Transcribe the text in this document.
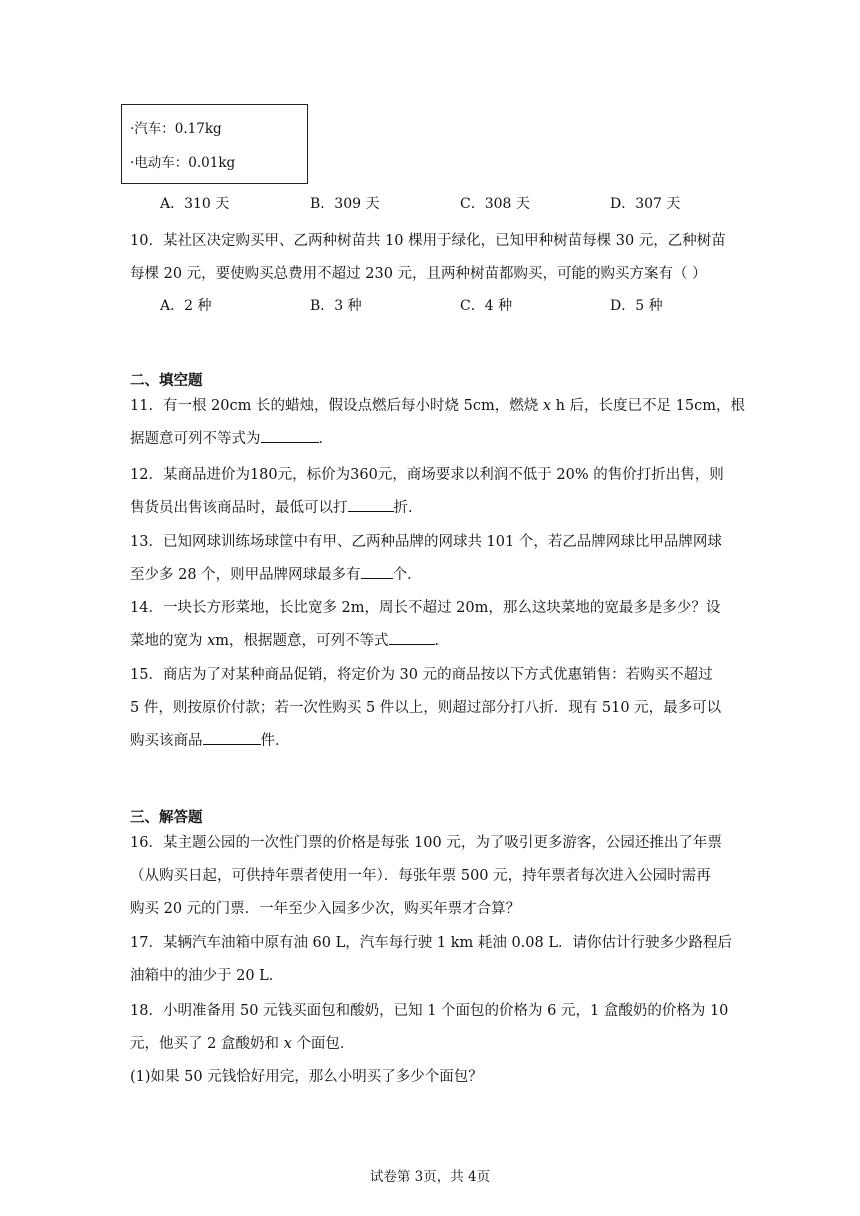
·汽车：0.17kg
·电动车：0.01kg
A．310 天	B．309 天	C．308 天	D．307 天
10．某社区决定购买甲、乙两种树苗共 10 棵用于绿化，已知甲种树苗每棵 30 元，乙种树苗
每棵 20 元，要使购买总费用不超过 230 元，且两种树苗都购买，可能的购买方案有（ ）
A．2 种	B．3 种	C．4 种	D．5 种
二、填空题
11．有一根 20cm 长的蜡烛，假设点燃后每小时烧 5cm，燃烧 x h 后，长度已不足 15cm，根
据题意可列不等式为	．
12．某商品进价为180元，标价为360元，商场要求以利润不低于 20% 的售价打折出售，则
售货员出售该商品时，最低可以打	折．
13．已知网球训练场球筐中有甲、乙两种品牌的网球共 101 个，若乙品牌网球比甲品牌网球
至少多 28 个，则甲品牌网球最多有 个．
14．一块长方形菜地，长比宽多 2m，周长不超过 20m，那么这块菜地的宽最多是多少？设
菜地的宽为 xm，根据题意，可列不等式	．
15．商店为了对某种商品促销，将定价为 30 元的商品按以下方式优惠销售：若购买不超过
5 件，则按原价付款；若一次性购买 5 件以上，则超过部分打八折．现有 510 元，最多可以
购买该商品	件．
三、解答题
16．某主题公园的一次性门票的价格是每张 100 元，为了吸引更多游客，公园还推出了年票
（从购买日起，可供持年票者使用一年）．每张年票 500 元，持年票者每次进入公园时需再
购买 20 元的门票．一年至少入园多少次，购买年票才合算？
17．某辆汽车油箱中原有油 60 L，汽车每行驶 1 km 耗油 0.08 L．请你估计行驶多少路程后
油箱中的油少于 20 L．
18．小明准备用 50 元钱买面包和酸奶，已知 1 个面包的价格为 6 元，1 盒酸奶的价格为 10
元，他买了 2 盒酸奶和 x 个面包．
(1)如果 50 元钱恰好用完，那么小明买了多少个面包？
试卷第 3页，共 4页
